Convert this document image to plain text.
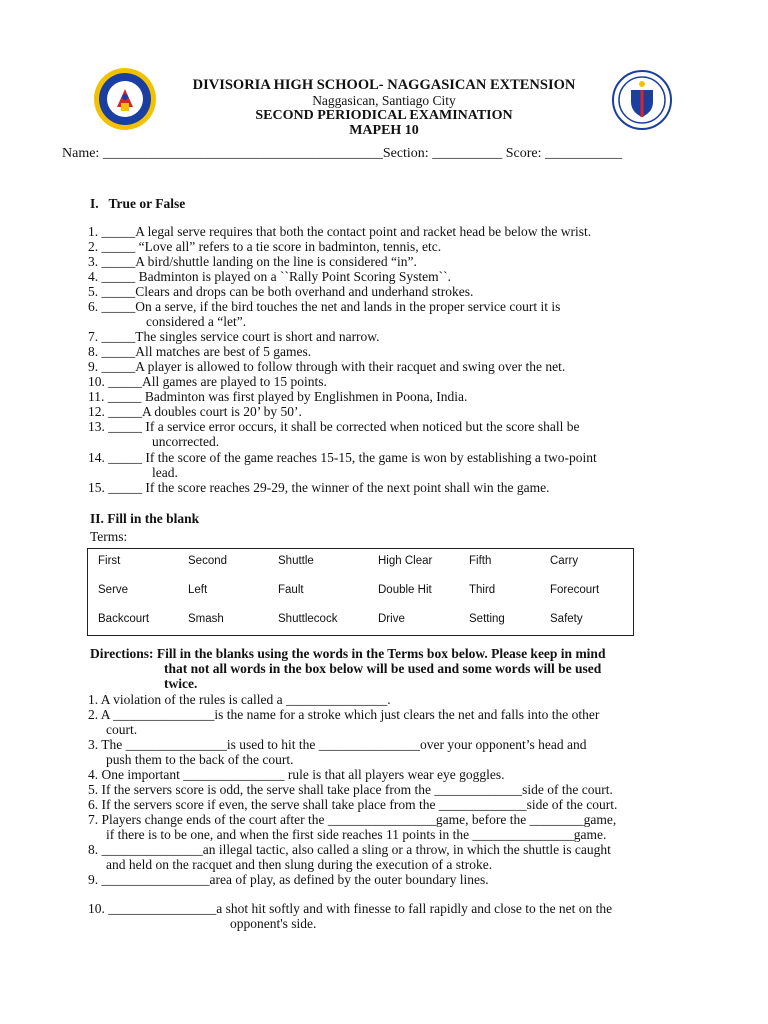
DIVISORIA HIGH SCHOOL- NAGGASICAN EXTENSION
Naggasican, Santiago City
SECOND PERIODICAL EXAMINATION
MAPEH 10
Name: ________________________________________Section: __________ Score: ___________
I.   True or False
1. _____A legal serve requires that both the contact point and racket head be below the wrist.
2. _____ “Love all” refers to a tie score in badminton, tennis, etc.
3. _____A bird/shuttle landing on the line is considered “in”.
4. _____ Badminton is played on a ``Rally Point Scoring System``.
5. _____Clears and drops can be both overhand and underhand strokes.
6. _____On a serve, if the bird touches the net and lands in the proper service court it is
considered a “let”.
7. _____The singles service court is short and narrow.
8. _____All matches are best of 5 games.
9. _____A player is allowed to follow through with their racquet and swing over the net.
10. _____All games are played to 15 points.
11. _____ Badminton was first played by Englishmen in Poona, India.
12. _____A doubles court is 20’ by 50’.
13. _____ If a service error occurs, it shall be corrected when noticed but the score shall be
uncorrected.
14. _____ If the score of the game reaches 15-15, the game is won by establishing a two-point
lead.
15. _____ If the score reaches 29-29, the winner of the next point shall win the game.
II. Fill in the blank
Terms:
First	Second	Shuttle	High Clear	Fifth	Carry
Serve	Left	Fault	Double Hit	Third	Forecourt
Backcourt	Smash	Shuttlecock	Drive	Setting	Safety
Directions: Fill in the blanks using the words in the Terms box below. Please keep in mind
that not all words in the box below will be used and some words will be used
twice.
1. A violation of the rules is called a _______________.
2. A _______________is the name for a stroke which just clears the net and falls into the other
court.
3. The _______________is used to hit the _______________over your opponent’s head and
push them to the back of the court.
4. One important _______________ rule is that all players wear eye goggles.
5. If the servers score is odd, the serve shall take place from the _____________side of the court.
6. If the servers score if even, the serve shall take place from the _____________side of the court.
7. Players change ends of the court after the ________________game, before the ________game,
if there is to be one, and when the first side reaches 11 points in the _______________game.
8. _______________an illegal tactic, also called a sling or a throw, in which the shuttle is caught
and held on the racquet and then slung during the execution of a stroke.
9. ________________area of play, as defined by the outer boundary lines.
10. ________________a shot hit softly and with finesse to fall rapidly and close to the net on the
opponent's side.
